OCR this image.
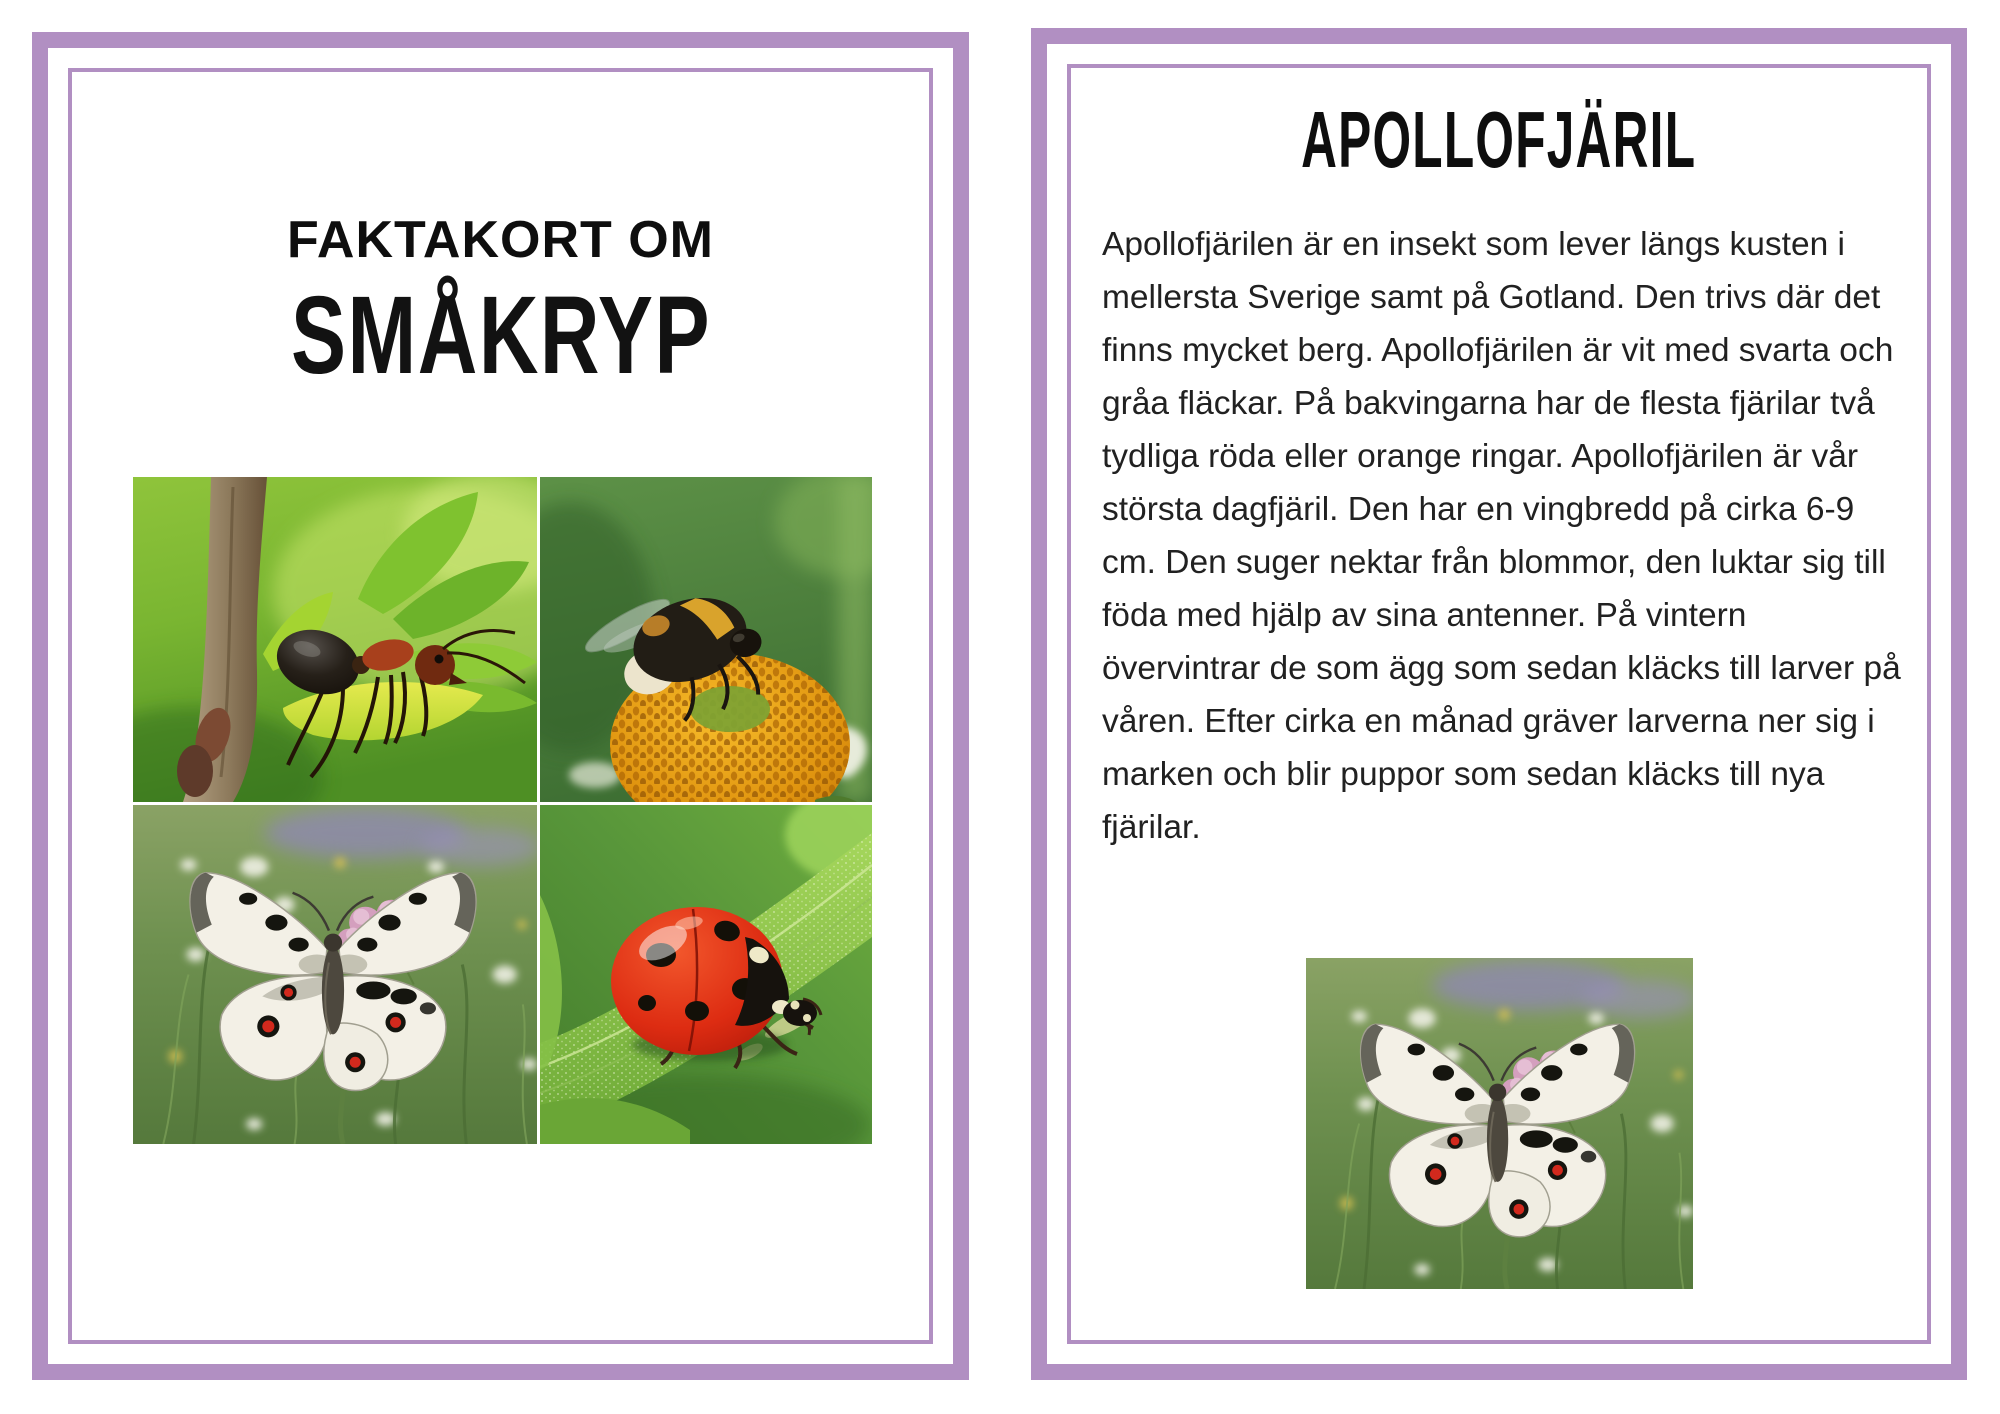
FAKTAKORT OM
SMÅKRYP
APOLLOFJÄRIL

Apollofjärilen är en insekt som lever längs kusten i mellersta Sverige samt på Gotland. Den trivs där det finns mycket berg. Apollofjärilen är vit med svarta och gråa fläckar. På bakvingarna har de flesta fjärilar två tydliga röda eller orange ringar. Apollofjärilen är vår största dagfjäril. Den har en vingbredd på cirka 6-9 cm. Den suger nektar från blommor, den luktar sig till föda med hjälp av sina antenner. På vintern övervintrar de som ägg som sedan kläcks till larver på våren. Efter cirka en månad gräver larverna ner sig i marken och blir puppor som sedan kläcks till nya fjärilar.
